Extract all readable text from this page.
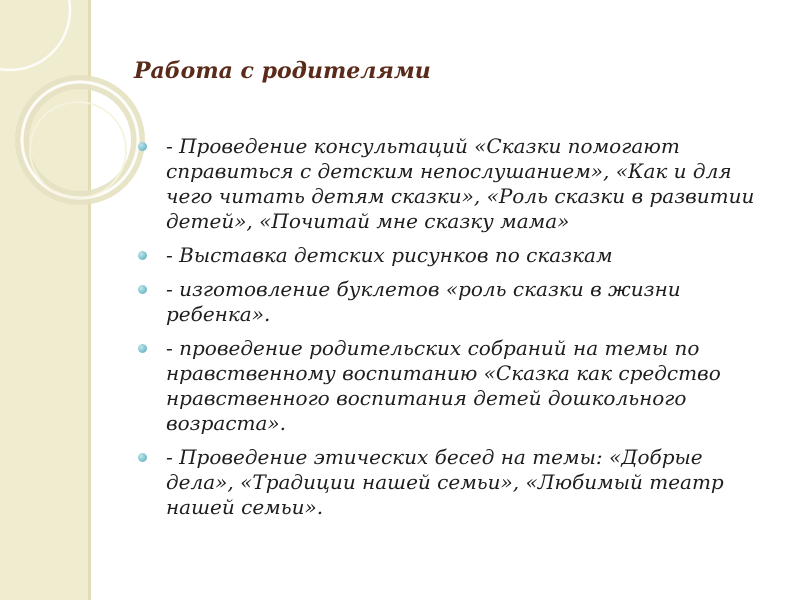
Работа с родителями
- Проведение консультаций «Сказки помогают справиться с детским непослушанием», «Как и для чего читать детям сказки», «Роль сказки в развитии детей», «Почитай мне сказку мама»
- Выставка детских рисунков по сказкам
- изготовление буклетов «роль сказки в жизни ребенка».
- проведение родительских собраний на темы по нравственному воспитанию «Сказка как средство нравственного воспитания детей дошкольного возраста».
- Проведение этических бесед на темы: «Добрые дела», «Традиции нашей семьи», «Любимый театр нашей семьи».
